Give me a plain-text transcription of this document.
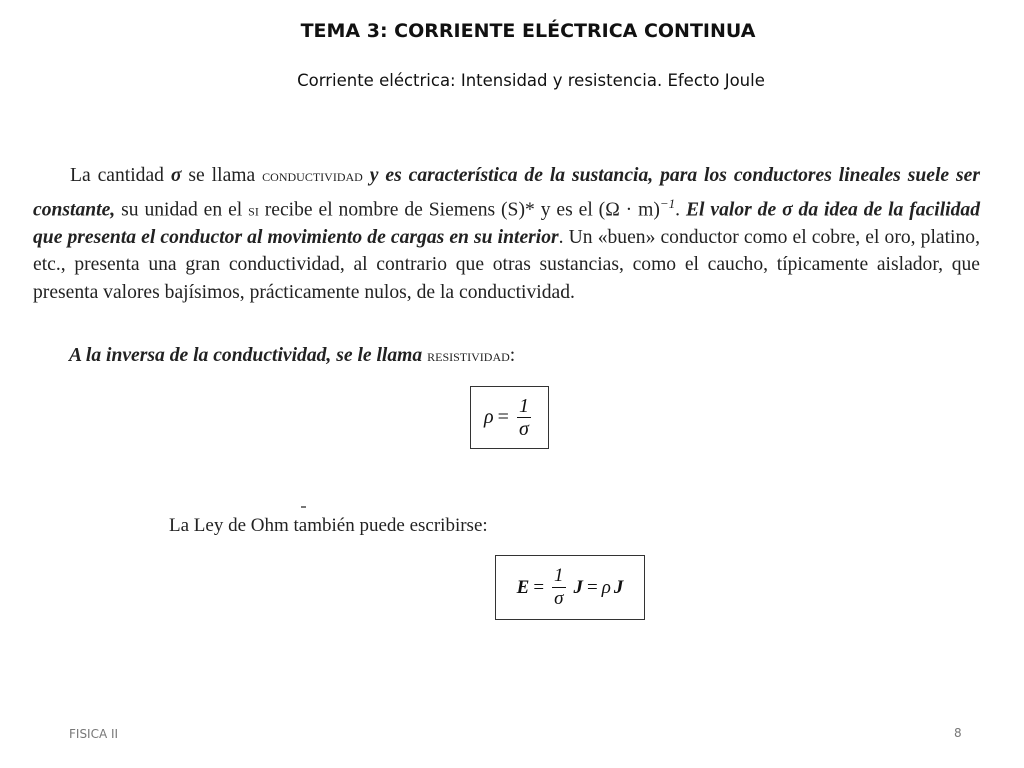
TEMA 3: CORRIENTE ELÉCTRICA CONTINUA
Corriente eléctrica: Intensidad y resistencia. Efecto Joule

La cantidad σ se llama conductividad y es característica de la sustancia, para los conductores lineales suele ser constante, su unidad en el si recibe el nombre de Siemens (S)* y es el $(\Omega \cdot m)^{-1}$. El valor de σ da idea de la facilidad que presenta el conductor al movimiento de cargas en su interior. Un «buen» conductor como el cobre, el oro, platino, etc., presenta una gran conductividad, al contrario que otras sustancias, como el caucho, típicamente aislador, que presenta valores bajísimos, prácticamente nulos, de la conductividad.

A la inversa de la conductividad, se le llama resistividad:
$\rho = \frac{1}{\sigma}$
La Ley de Ohm también puede escribirse:
$E = \frac{1}{\sigma}$ J = ρ J
FISICA II	8
